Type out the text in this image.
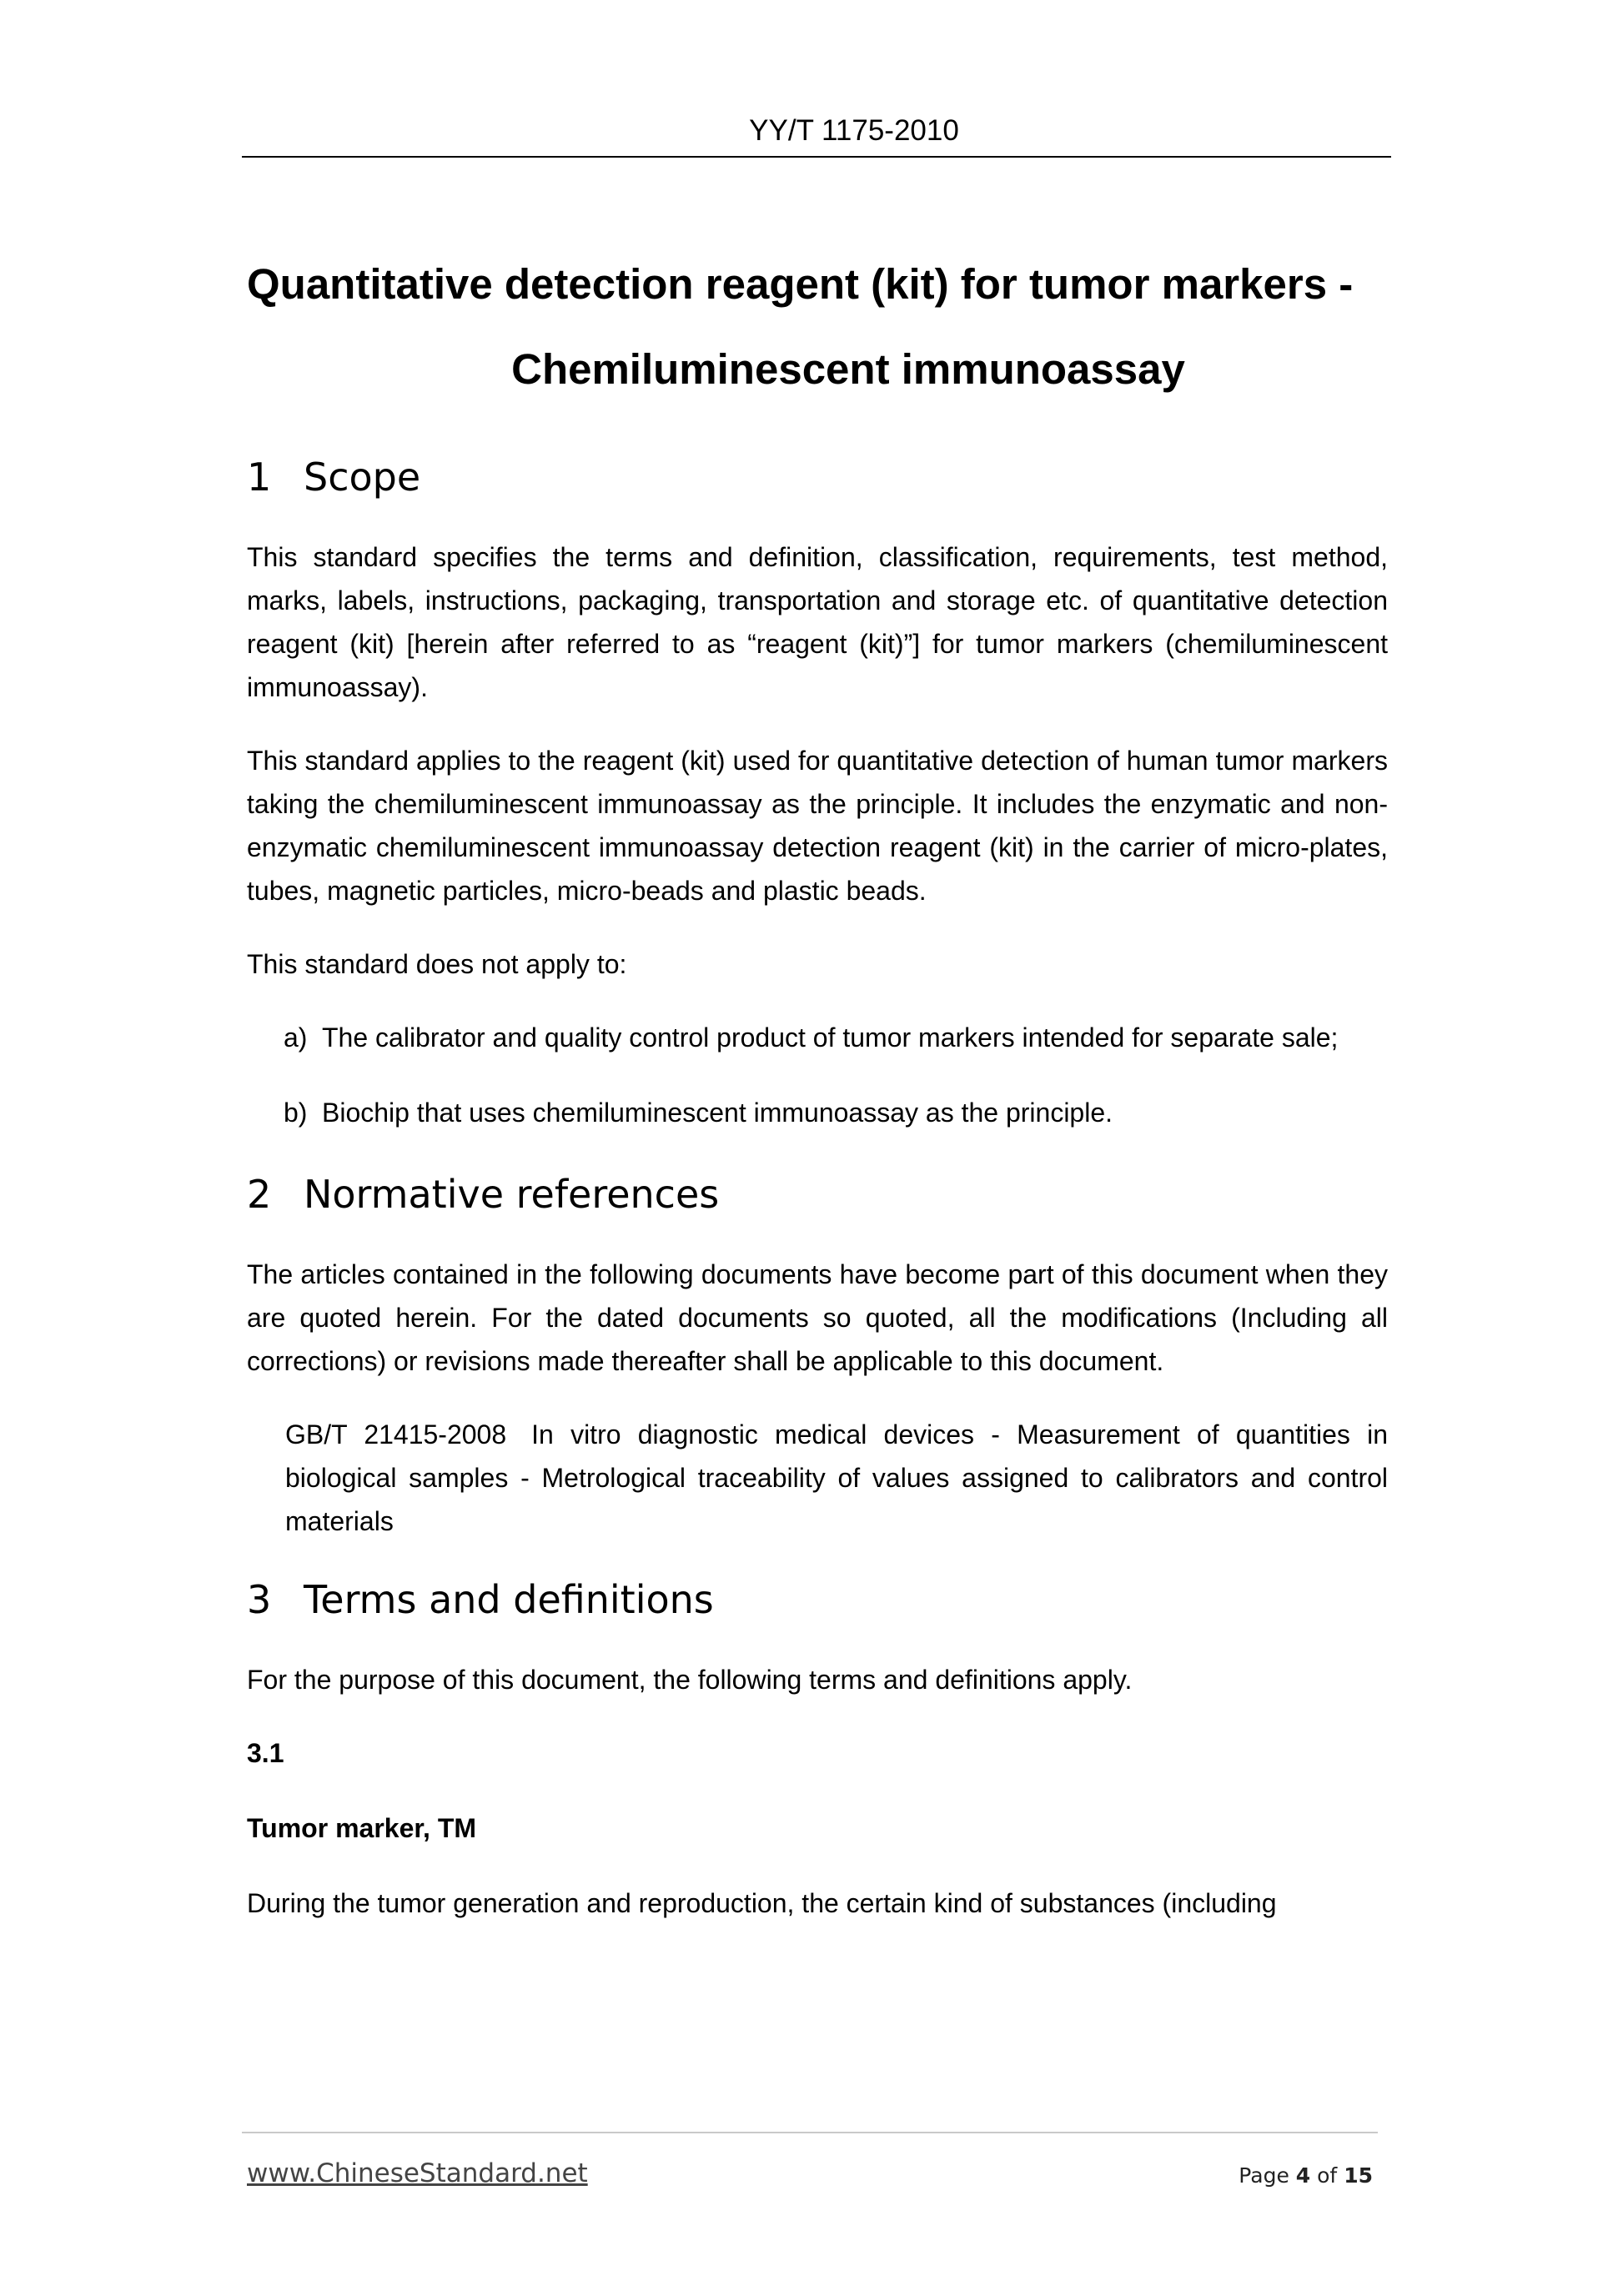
YY/T 1175-2010
Quantitative detection reagent (kit) for tumor markers -
Chemiluminescent immunoassay
1 Scope

This standard specifies the terms and definition, classification, requirements, test method, marks, labels, instructions, packaging, transportation and storage etc. of quantitative detection reagent (kit) [herein after referred to as “reagent (kit)”] for tumor markers (chemiluminescent immunoassay).

This standard applies to the reagent (kit) used for quantitative detection of human tumor markers taking the chemiluminescent immunoassay as the principle. It includes the enzymatic and non-enzymatic chemiluminescent immunoassay detection reagent (kit) in the carrier of micro-plates, tubes, magnetic particles, micro-beads and plastic beads.

This standard does not apply to:

a) The calibrator and quality control product of tumor markers intended for separate sale;
b) Biochip that uses chemiluminescent immunoassay as the principle.
2 Normative references

The articles contained in the following documents have become part of this document when they are quoted herein. For the dated documents so quoted, all the modifications (Including all corrections) or revisions made thereafter shall be applicable to this document.

GB/T 21415-2008 In vitro diagnostic medical devices - Measurement of quantities in biological samples - Metrological traceability of values assigned to calibrators and control materials
3 Terms and definitions

For the purpose of this document, the following terms and definitions apply.

3.1
Tumor marker, TM

During the tumor generation and reproduction, the certain kind of substances (including

www.ChineseStandard.net	Page 4 of 15
